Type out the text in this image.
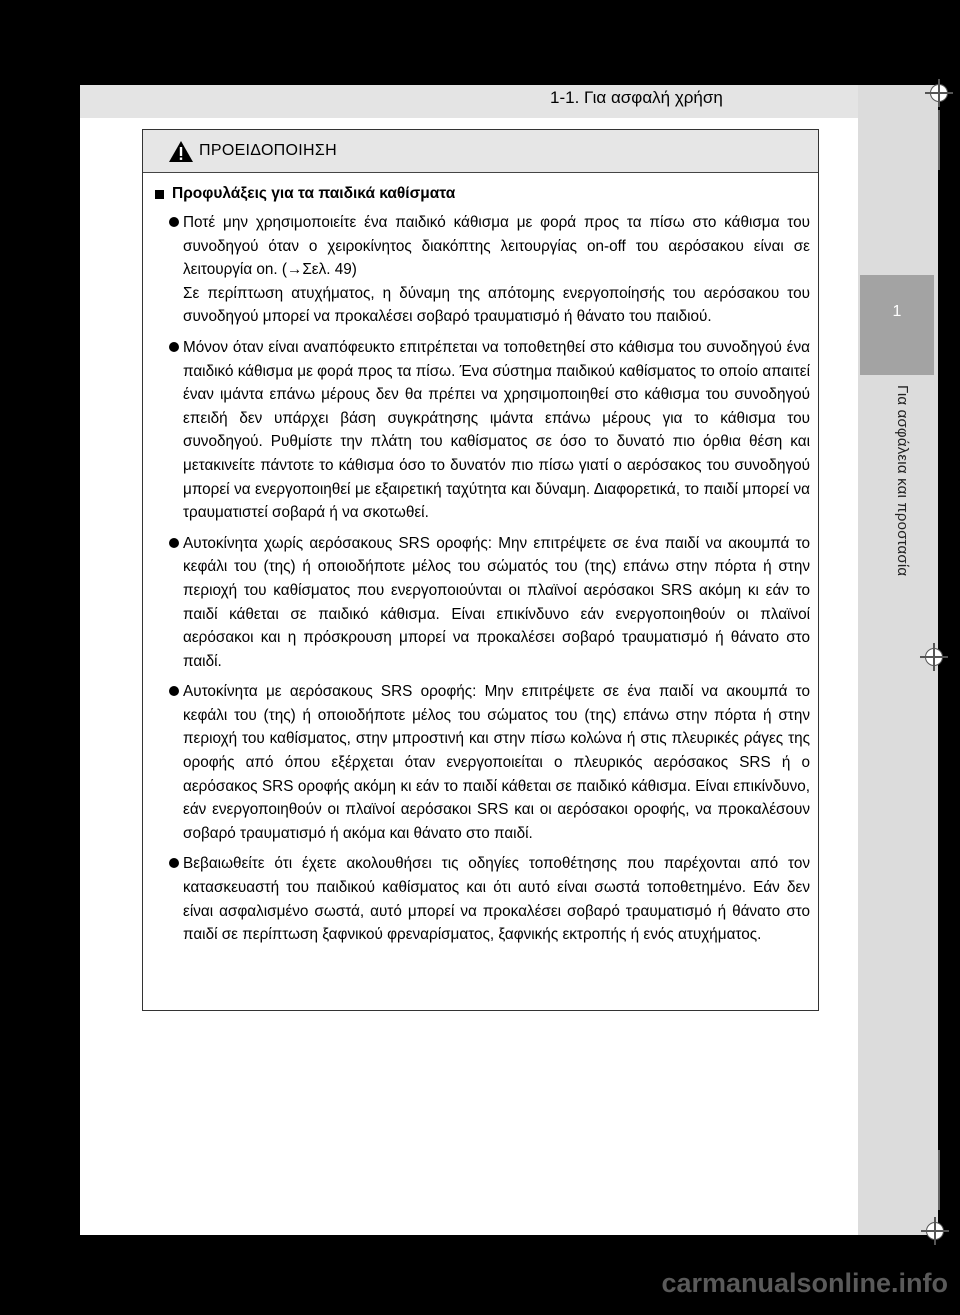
1-1. Για ασφαλή χρήση
1
Για ασφάλεια και προστασία
ΠΡΟΕΙΔΟΠΟΙΗΣΗ
Προφυλάξεις για τα παιδικά καθίσματα

Ποτέ μην χρησιμοποιείτε ένα παιδικό κάθισμα με φορά προς τα πίσω στο κάθισμα του συνοδηγού όταν ο χειροκίνητος διακόπτης λειτουργίας on-off του αερόσακου είναι σε λειτουργία on. (→Σελ. 49)

Σε περίπτωση ατυχήματος, η δύναμη της απότομης ενεργοποίησής του αερόσακου του συνοδηγού μπορεί να προκαλέσει σοβαρό τραυματισμό ή θάνατο του παιδιού.

Μόνον όταν είναι αναπόφευκτο επιτρέπεται να τοποθετηθεί στο κάθισμα του συνοδηγού ένα παιδικό κάθισμα με φορά προς τα πίσω. Ένα σύστημα παιδικού καθίσματος το οποίο απαιτεί έναν ιμάντα επάνω μέρους δεν θα πρέπει να χρησιμοποιηθεί στο κάθισμα του συνοδηγού επειδή δεν υπάρχει βάση συγκράτησης ιμάντα επάνω μέρους για το κάθισμα του συνοδηγού. Ρυθμίστε την πλάτη του καθίσματος σε όσο το δυνατό πιο όρθια θέση και μετακινείτε πάντοτε το κάθισμα όσο το δυνατόν πιο πίσω γιατί ο αερόσακος του συνοδηγού μπορεί να ενεργοποιηθεί με εξαιρετική ταχύτητα και δύναμη. Διαφορετικά, το παιδί μπορεί να τραυματιστεί σοβαρά ή να σκοτωθεί.

Αυτοκίνητα χωρίς αερόσακους SRS οροφής: Μην επιτρέψετε σε ένα παιδί να ακουμπά το κεφάλι του (της) ή οποιοδήποτε μέλος του σώματός του (της) επάνω στην πόρτα ή στην περιοχή του καθίσματος που ενεργοποιούνται οι πλαϊνοί αερόσακοι SRS ακόμη κι εάν το παιδί κάθεται σε παιδικό κάθισμα. Είναι επικίνδυνο εάν ενεργοποιηθούν οι πλαϊνοί αερόσακοι και η πρόσκρουση μπορεί να προκαλέσει σοβαρό τραυματισμό ή θάνατο στο παιδί.

Αυτοκίνητα με αερόσακους SRS οροφής: Μην επιτρέψετε σε ένα παιδί να ακουμπά το κεφάλι του (της) ή οποιοδήποτε μέλος του σώματος του (της) επάνω στην πόρτα ή στην περιοχή του καθίσματος, στην μπροστινή και στην πίσω κολώνα ή στις πλευρικές ράγες της οροφής από όπου εξέρχεται όταν ενεργοποιείται ο πλευρικός αερόσακος SRS ή ο αερόσακος SRS οροφής ακόμη κι εάν το παιδί κάθεται σε παιδικό κάθισμα. Είναι επικίνδυνο, εάν ενεργοποιηθούν οι πλαϊνοί αερόσακοι SRS και οι αερόσακοι οροφής, να προκαλέσουν σοβαρό τραυματισμό ή ακόμα και θάνατο στο παιδί.

Βεβαιωθείτε ότι έχετε ακολουθήσει τις οδηγίες τοποθέτησης που παρέχονται από τον κατασκευαστή του παιδικού καθίσματος και ότι αυτό είναι σωστά τοποθετημένο. Εάν δεν είναι ασφαλισμένο σωστά, αυτό μπορεί να προκαλέσει σοβαρό τραυματισμό ή θάνατο στο παιδί σε περίπτωση ξαφνικού φρεναρίσματος, ξαφνικής εκτροπής ή ενός ατυχήματος.

carmanualsonline.info
